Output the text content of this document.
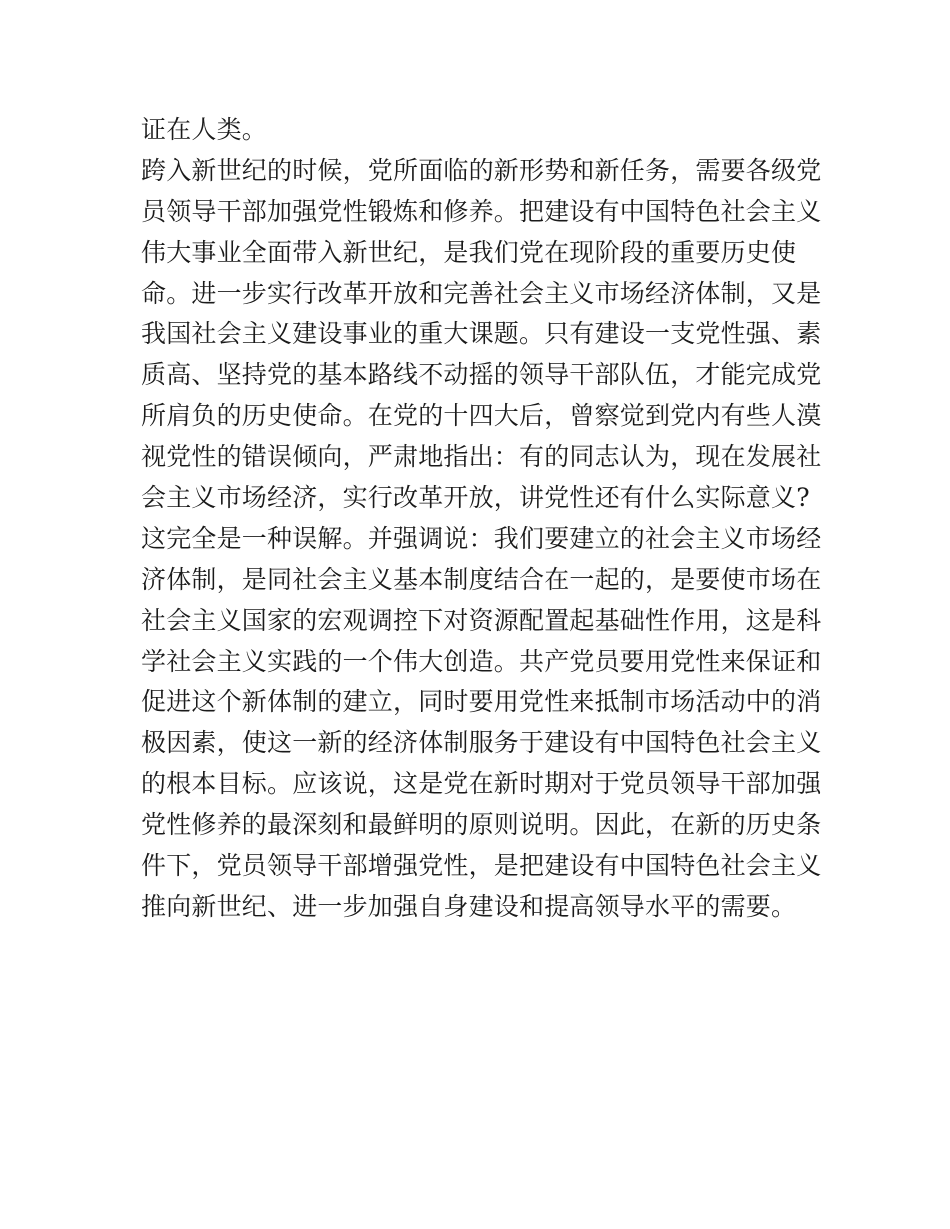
证在人类。
跨入新世纪的时候，党所面临的新形势和新任务，需要各级党
员领导干部加强党性锻炼和修养。把建设有中国特色社会主义
伟大事业全面带入新世纪，是我们党在现阶段的重要历史使
命。进一步实行改革开放和完善社会主义市场经济体制，又是
我国社会主义建设事业的重大课题。只有建设一支党性强、素
质高、坚持党的基本路线不动摇的领导干部队伍，才能完成党
所肩负的历史使命。在党的十四大后，曾察觉到党内有些人漠
视党性的错误倾向，严肃地指出：有的同志认为，现在发展社
会主义市场经济，实行改革开放，讲党性还有什么实际意义?
这完全是一种误解。并强调说：我们要建立的社会主义市场经
济体制，是同社会主义基本制度结合在一起的，是要使市场在
社会主义国家的宏观调控下对资源配置起基础性作用，这是科
学社会主义实践的一个伟大创造。共产党员要用党性来保证和
促进这个新体制的建立，同时要用党性来抵制市场活动中的消
极因素，使这一新的经济体制服务于建设有中国特色社会主义
的根本目标。应该说，这是党在新时期对于党员领导干部加强
党性修养的最深刻和最鲜明的原则说明。因此，在新的历史条
件下，党员领导干部增强党性，是把建设有中国特色社会主义
推向新世纪、进一步加强自身建设和提高领导水平的需要。
